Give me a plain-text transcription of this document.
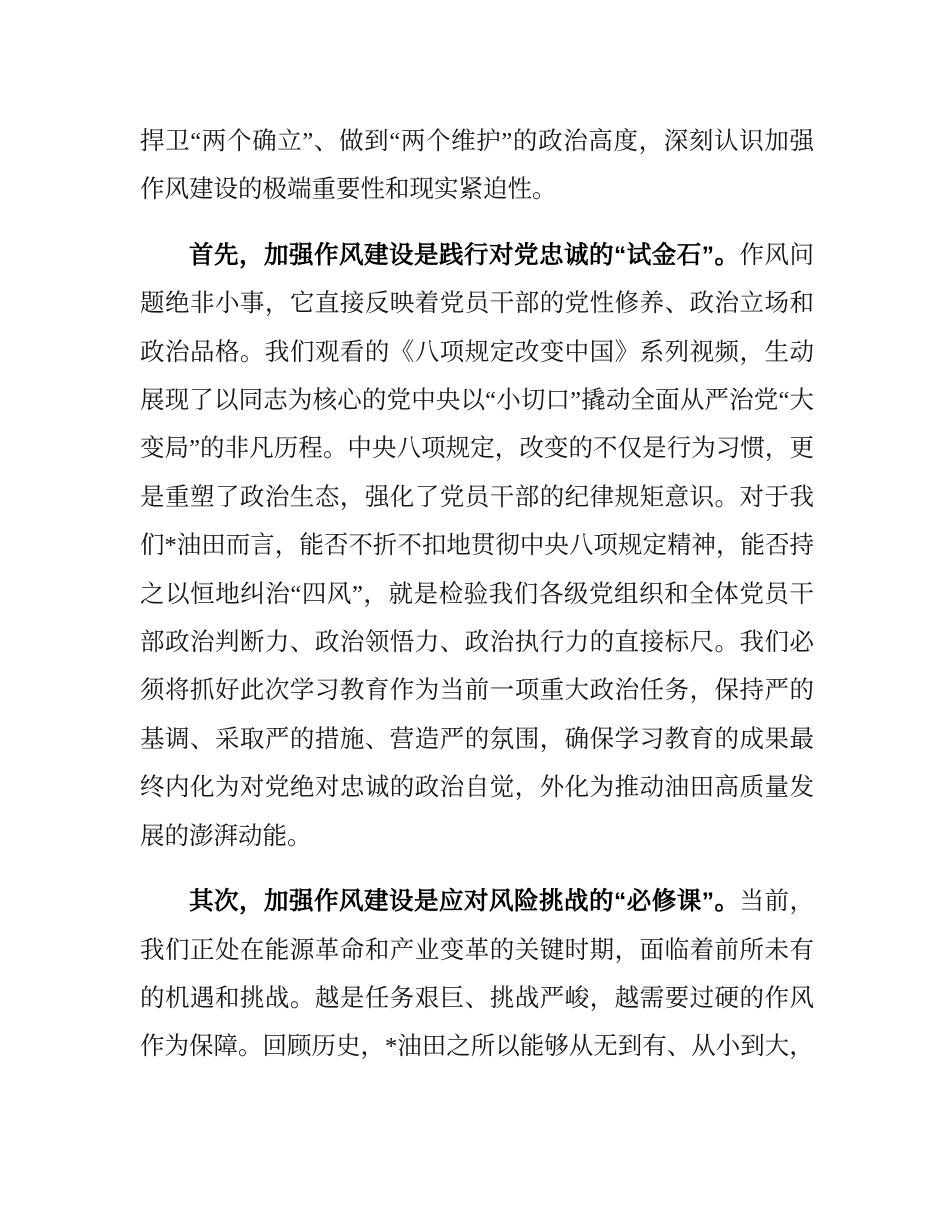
捍卫“两个确立”、做到“两个维护”的政治高度，深刻认识加强作风建设的极端重要性和现实紧迫性。

首先，加强作风建设是践行对党忠诚的“试金石”。作风问题绝非小事，它直接反映着党员干部的党性修养、政治立场和政治品格。我们观看的《八项规定改变中国》系列视频，生动展现了以同志为核心的党中央以“小切口”撬动全面从严治党“大变局”的非凡历程。中央八项规定，改变的不仅是行为习惯，更是重塑了政治生态，强化了党员干部的纪律规矩意识。对于我们*油田而言，能否不折不扣地贯彻中央八项规定精神，能否持之以恒地纠治“四风”，就是检验我们各级党组织和全体党员干部政治判断力、政治领悟力、政治执行力的直接标尺。我们必须将抓好此次学习教育作为当前一项重大政治任务，保持严的基调、采取严的措施、营造严的氛围，确保学习教育的成果最终内化为对党绝对忠诚的政治自觉，外化为推动油田高质量发展的澎湃动能。

其次，加强作风建设是应对风险挑战的“必修课”。当前，我们正处在能源革命和产业变革的关键时期，面临着前所未有的机遇和挑战。越是任务艰巨、挑战严峻，越需要过硬的作风作为保障。回顾历史，*油田之所以能够从无到有、从小到大，
